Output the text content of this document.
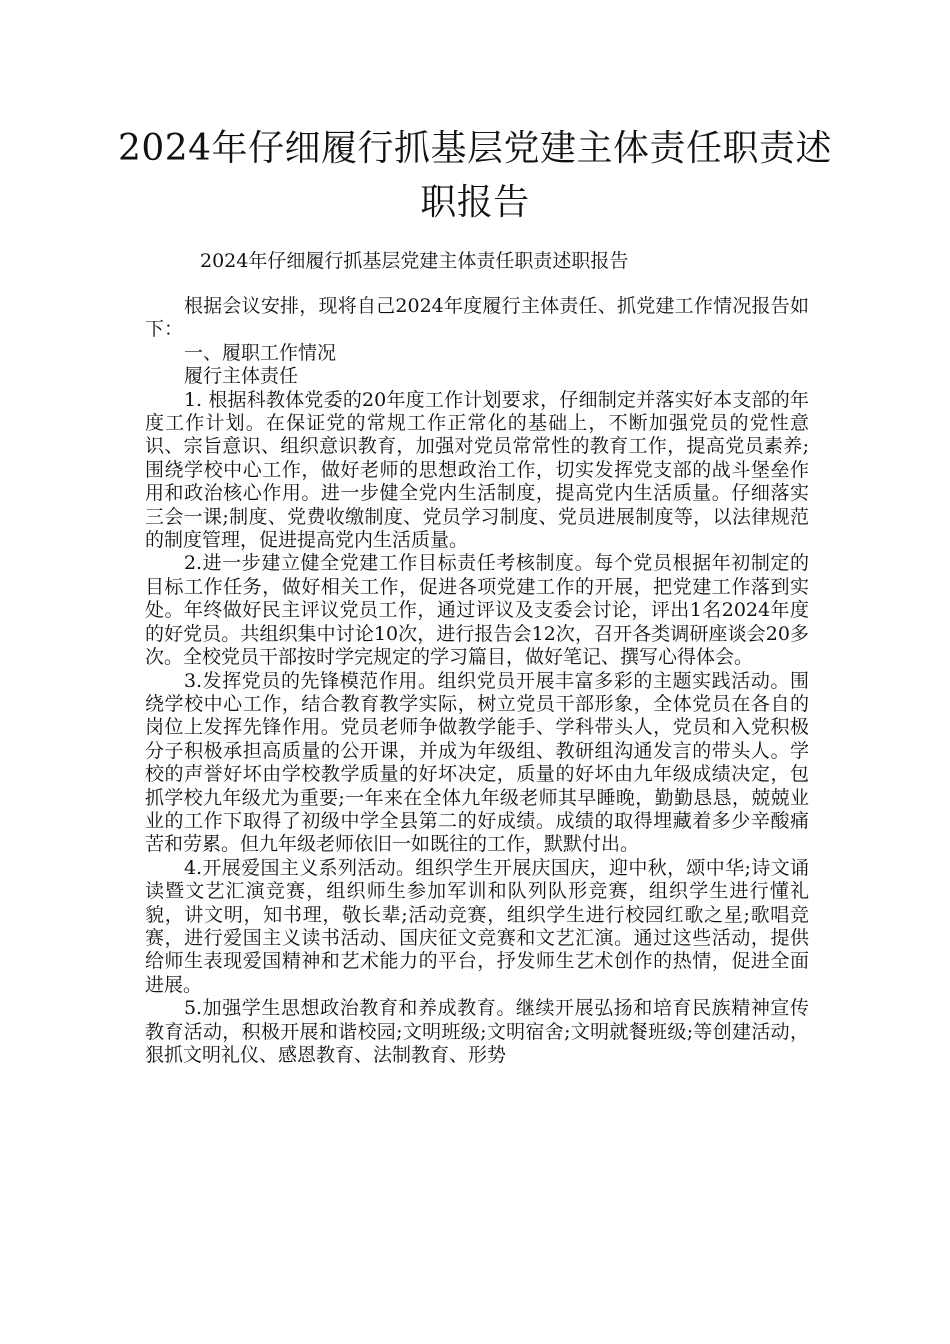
2024年仔细履行抓基层党建主体责任职责述职报告

2024年仔细履行抓基层党建主体责任职责述职报告

根据会议安排，现将自己2024年度履行主体责任、抓党建工作情况报告如下：

一、履职工作情况

履行主体责任

1. 根据科教体党委的20年度工作计划要求，仔细制定并落实好本支部的年度工作计划。在保证党的常规工作正常化的基础上，不断加强党员的党性意识、宗旨意识、组织意识教育，加强对党员常常性的教育工作，提高党员素养;围绕学校中心工作，做好老师的思想政治工作，切实发挥党支部的战斗堡垒作用和政治核心作用。进一步健全党内生活制度，提高党内生活质量。仔细落实三会一课;制度、党费收缴制度、党员学习制度、党员进展制度等，以法律规范的制度管理，促进提高党内生活质量。

2.进一步建立健全党建工作目标责任考核制度。每个党员根据年初制定的目标工作任务，做好相关工作，促进各项党建工作的开展，把党建工作落到实处。年终做好民主评议党员工作，通过评议及支委会讨论，评出1名2024年度的好党员。共组织集中讨论10次，进行报告会12次，召开各类调研座谈会20多次。全校党员干部按时学完规定的学习篇目，做好笔记、撰写心得体会。

3.发挥党员的先锋模范作用。组织党员开展丰富多彩的主题实践活动。围绕学校中心工作，结合教育教学实际，树立党员干部形象，全体党员在各自的岗位上发挥先锋作用。党员老师争做教学能手、学科带头人，党员和入党积极分子积极承担高质量的公开课，并成为年级组、教研组沟通发言的带头人。学校的声誉好坏由学校教学质量的好坏决定，质量的好坏由九年级成绩决定，包抓学校九年级尤为重要;一年来在全体九年级老师其早睡晚，勤勤恳恳，兢兢业业的工作下取得了初级中学全县第二的好成绩。成绩的取得埋藏着多少辛酸痛苦和劳累。但九年级老师依旧一如既往的工作，默默付出。

4.开展爱国主义系列活动。组织学生开展庆国庆，迎中秋，颂中华;诗文诵读暨文艺汇演竞赛，组织师生参加军训和队列队形竞赛，组织学生进行懂礼貌，讲文明，知书理，敬长辈;活动竞赛，组织学生进行校园红歌之星;歌唱竞赛，进行爱国主义读书活动、国庆征文竞赛和文艺汇演。通过这些活动，提供给师生表现爱国精神和艺术能力的平台，抒发师生艺术创作的热情，促进全面进展。

5.加强学生思想政治教育和养成教育。继续开展弘扬和培育民族精神宣传教育活动，积极开展和谐校园;文明班级;文明宿舍;文明就餐班级;等创建活动，狠抓文明礼仪、感恩教育、法制教育、形势
